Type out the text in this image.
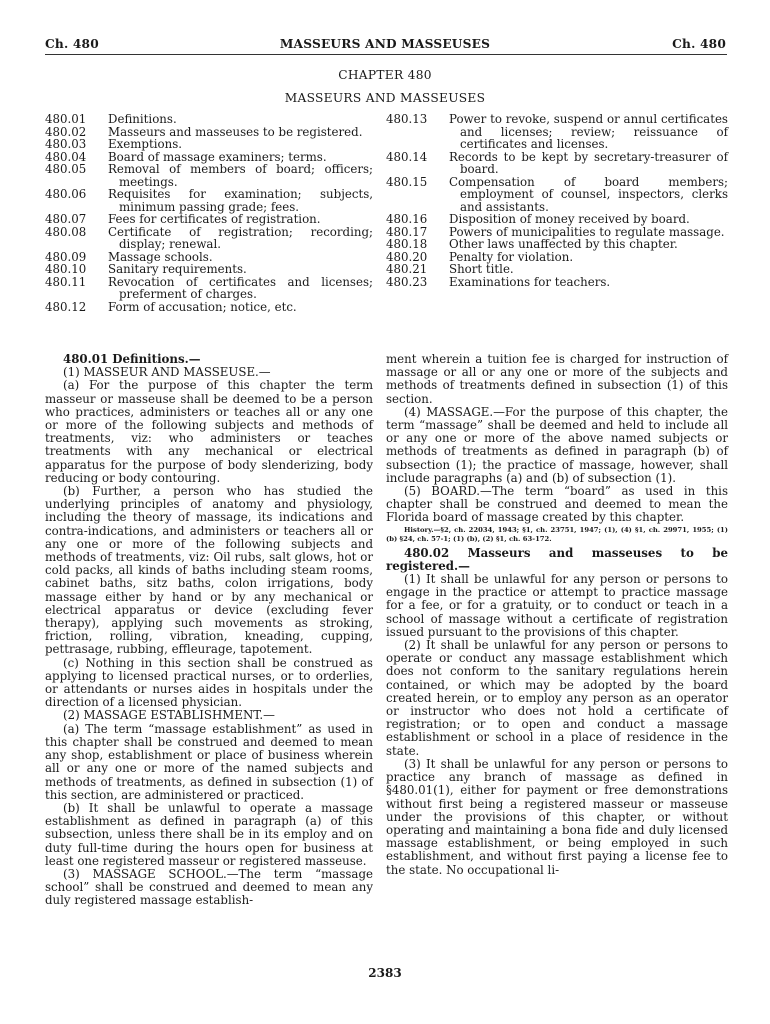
Ch. 480	MASSEURS AND MASSEUSES	Ch. 480
CHAPTER 480
MASSEURS AND MASSEUSES
480.01	Definitions.
480.02	Masseurs and masseuses to be registered.
480.03	Exemptions.
480.04	Board of massage examiners; terms.
480.05	Removal of members of board; officers; meetings.
480.06	Requisites for examination; subjects, minimum passing grade; fees.
480.07	Fees for certificates of registration.
480.08	Certificate of registration; recording; display; renewal.
480.09	Massage schools.
480.10	Sanitary requirements.
480.11	Revocation of certificates and licenses; preferment of charges.
480.12	Form of accusation; notice, etc.
480.13	Power to revoke, suspend or annul certificates and licenses; review; reissuance of certificates and licenses.
480.14	Records to be kept by secretary-treasurer of board.
480.15	Compensation of board members; employment of counsel, inspectors, clerks and assistants.
480.16	Disposition of money received by board.
480.17	Powers of municipalities to regulate massage.
480.18	Other laws unaffected by this chapter.
480.20	Penalty for violation.
480.21	Short title.
480.23	Examinations for teachers.

480.01 Definitions.—

(1) MASSEUR AND MASSEUSE.—

(a) For the purpose of this chapter the term masseur or masseuse shall be deemed to be a person who practices, administers or teaches all or any one or more of the following subjects and methods of treatments, viz: who administers or teaches treatments with any mechanical or electrical apparatus for the purpose of body slenderizing, body reducing or body contouring.

(b) Further, a person who has studied the underlying principles of anatomy and physiology, including the theory of massage, its indications and contra-indications, and administers or teachers all or any one or more of the following subjects and methods of treatments, viz: Oil rubs, salt glows, hot or cold packs, all kinds of baths including steam rooms, cabinet baths, sitz baths, colon irrigations, body massage either by hand or by any mechanical or electrical apparatus or device (excluding fever therapy), applying such movements as stroking, friction, rolling, vibration, kneading, cupping, pettrasage, rubbing, effleurage, tapotement.

(c) Nothing in this section shall be construed as applying to licensed practical nurses, or to orderlies, or attendants or nurses aides in hospitals under the direction of a licensed physician.

(2) MASSAGE ESTABLISHMENT.—

(a) The term “massage establishment” as used in this chapter shall be construed and deemed to mean any shop, establishment or place of business wherein all or any one or more of the named subjects and methods of treatments, as defined in subsection (1) of this section, are administered or practiced.

(b) It shall be unlawful to operate a massage establishment as defined in paragraph (a) of this subsection, unless there shall be in its employ and on duty full-time during the hours open for business at least one registered masseur or registered masseuse.

(3) MASSAGE SCHOOL.—The term “massage school” shall be construed and deemed to mean any duly registered massage establish-

ment wherein a tuition fee is charged for instruction of massage or all or any one or more of the subjects and methods of treatments defined in subsection (1) of this section.

(4) MASSAGE.—For the purpose of this chapter, the term “massage” shall be deemed and held to include all or any one or more of the above named subjects or methods of treatments as defined in paragraph (b) of subsection (1); the practice of massage, however, shall include paragraphs (a) and (b) of subsection (1).

(5) BOARD.—The term “board” as used in this chapter shall be construed and deemed to mean the Florida board of massage created by this chapter.

History.—§2, ch. 22034, 1943; §1, ch. 23751, 1947; (1), (4) §1, ch. 29971, 1955; (1) (b) §24, ch. 57-1; (1) (b), (2) §1, ch. 63-172.

480.02 Masseurs and masseuses to be registered.—

(1) It shall be unlawful for any person or persons to engage in the practice or attempt to practice massage for a fee, or for a gratuity, or to conduct or teach in a school of massage without a certificate of registration issued pursuant to the provisions of this chapter.

(2) It shall be unlawful for any person or persons to operate or conduct any massage establishment which does not conform to the sanitary regulations herein contained, or which may be adopted by the board created herein, or to employ any person as an operator or instructor who does not hold a certificate of registration; or to open and conduct a massage establishment or school in a place of residence in the state.

(3) It shall be unlawful for any person or persons to practice any branch of massage as defined in §480.01(1), either for payment or free demonstrations without first being a registered masseur or masseuse under the provisions of this chapter, or without operating and maintaining a bona fide and duly licensed massage establishment, or being employed in such establishment, and without first paying a license fee to the state. No occupational li-

2383
